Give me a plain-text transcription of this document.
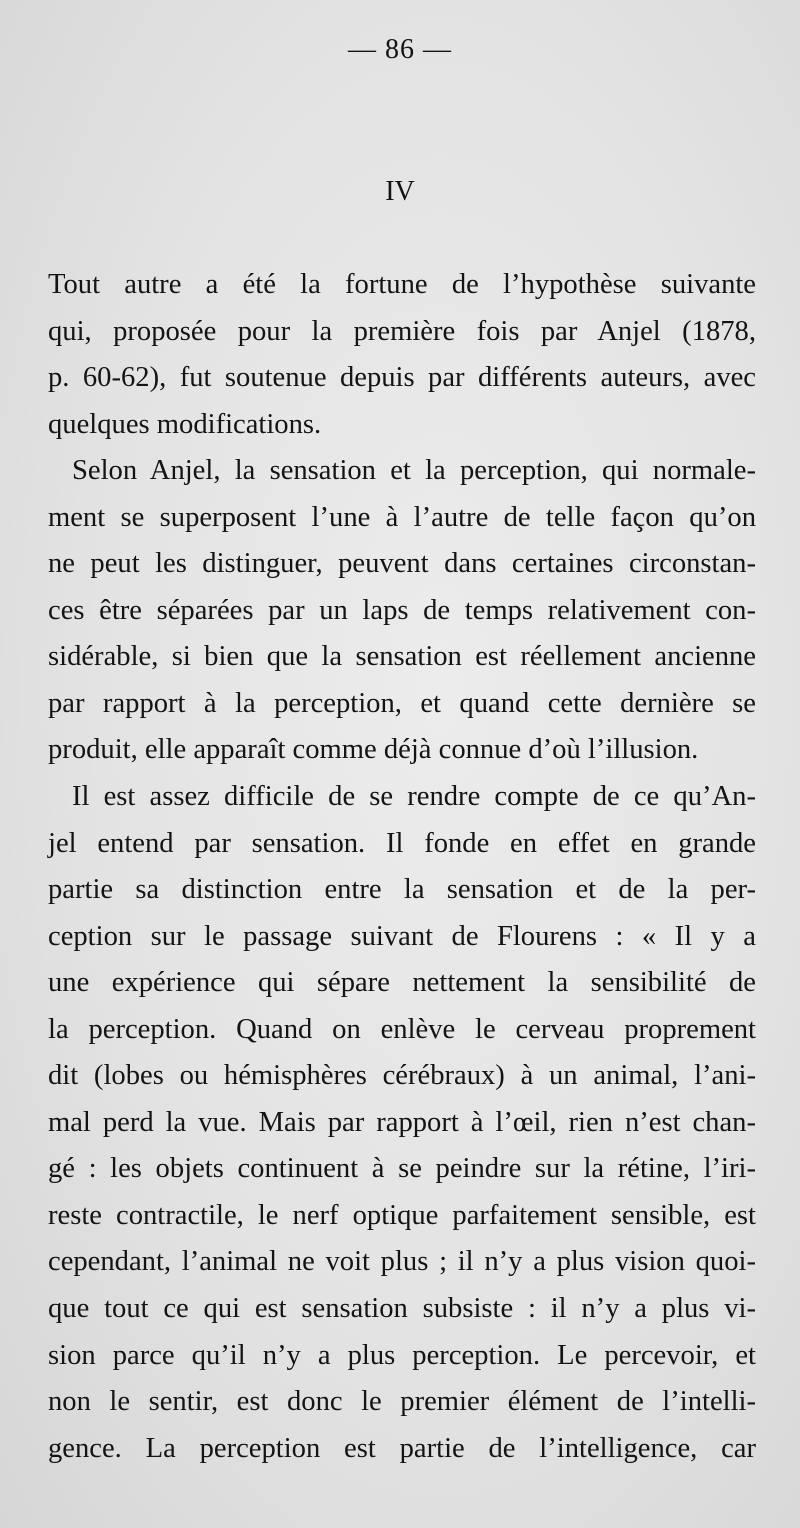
— 86 —
IV
Tout autre a été la fortune de l’hypothèse suivante
qui, proposée pour la première fois par Anjel (1878,
p. 60-62), fut soutenue depuis par différents auteurs, avec
quelques modifications.
Selon Anjel, la sensation et la perception, qui normale-
ment se superposent l’une à l’autre de telle façon qu’on
ne peut les distinguer, peuvent dans certaines circonstan-
ces être séparées par un laps de temps relativement con-
sidérable, si bien que la sensation est réellement ancienne
par rapport à la perception, et quand cette dernière se
produit, elle apparaît comme déjà connue d’où l’illusion.
Il est assez difficile de se rendre compte de ce qu’An-
jel entend par sensation. Il fonde en effet en grande
partie sa distinction entre la sensation et de la per-
ception sur le passage suivant de Flourens : « Il y a
une expérience qui sépare nettement la sensibilité de
la perception. Quand on enlève le cerveau proprement
dit (lobes ou hémisphères cérébraux) à un animal, l’ani-
mal perd la vue. Mais par rapport à l’œil, rien n’est chan-
gé : les objets continuent à se peindre sur la rétine, l’iri-
reste contractile, le nerf optique parfaitement sensible, est
cependant, l’animal ne voit plus ; il n’y a plus vision quoi-
que tout ce qui est sensation subsiste : il n’y a plus vi-
sion parce qu’il n’y a plus perception. Le percevoir, et
non le sentir, est donc le premier élément de l’intelli-
gence. La perception est partie de l’intelligence, car
